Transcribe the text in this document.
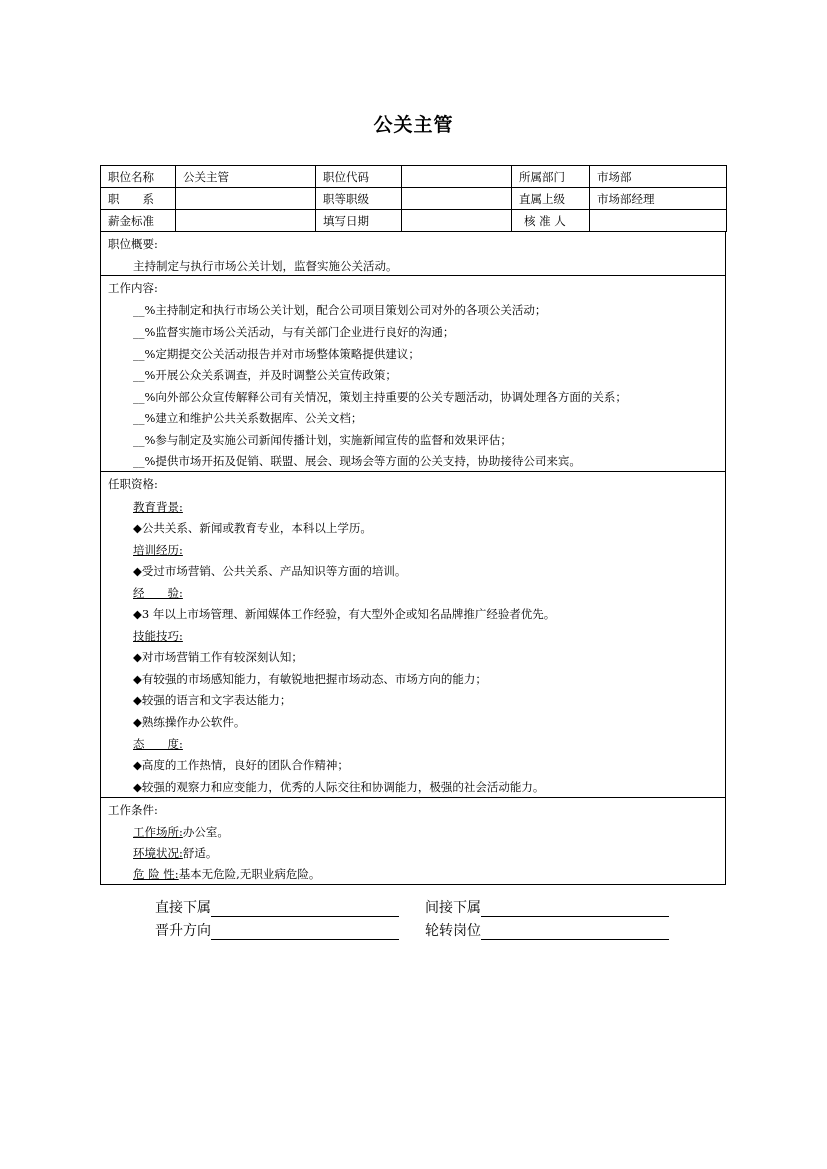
公关主管
职位名称	公关主管	职位代码		所属部门	市场部
职　　系		职等职级		直属上级	市场部经理
薪金标准		填写日期		核 准 人	
职位概要:
主持制定与执行市场公关计划，监督实施公关活动。
工作内容:
__%主持制定和执行市场公关计划，配合公司项目策划公司对外的各项公关活动；
__%监督实施市场公关活动，与有关部门企业进行良好的沟通；
__%定期提交公关活动报告并对市场整体策略提供建议；
__%开展公众关系调查，并及时调整公关宣传政策；
__%向外部公众宣传解释公司有关情况，策划主持重要的公关专题活动，协调处理各方面的关系；
__%建立和维护公共关系数据库、公关文档；
__%参与制定及实施公司新闻传播计划，实施新闻宣传的监督和效果评估；
__%提供市场开拓及促销、联盟、展会、现场会等方面的公关支持，协助接待公司来宾。
任职资格:
教育背景:
◆公共关系、新闻或教育专业，本科以上学历。
培训经历:
◆受过市场营销、公共关系、产品知识等方面的培训。
经　　验:
◆3 年以上市场管理、新闻媒体工作经验，有大型外企或知名品牌推广经验者优先。
技能技巧:
◆对市场营销工作有较深刻认知；
◆有较强的市场感知能力，有敏锐地把握市场动态、市场方向的能力；
◆较强的语言和文字表达能力；
◆熟练操作办公软件。
态　　度:
◆高度的工作热情，良好的团队合作精神；
◆较强的观察力和应变能力，优秀的人际交往和协调能力，极强的社会活动能力。
工作条件:
工作场所:办公室。
环境状况:舒适。
危 险 性:基本无危险,无职业病危险。
直接下属	间接下属
晋升方向	轮转岗位
